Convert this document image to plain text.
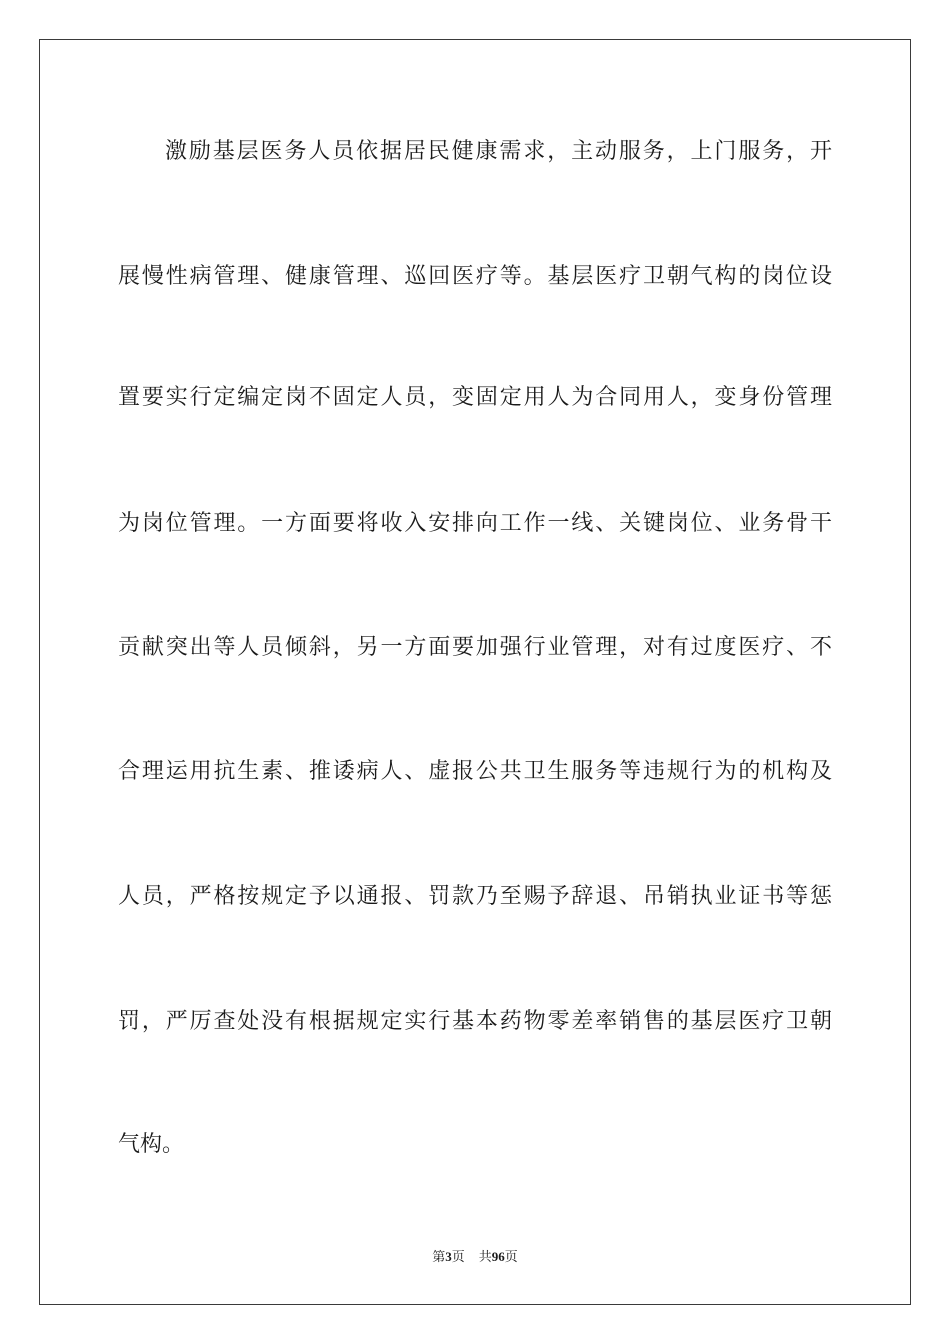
激励基层医务人员依据居民健康需求，主动服务，上门服务，开
展慢性病管理、健康管理、巡回医疗等。基层医疗卫朝气构的岗位设
置要实行定编定岗不固定人员，变固定用人为合同用人，变身份管理
为岗位管理。一方面要将收入安排向工作一线、关键岗位、业务骨干
贡献突出等人员倾斜，另一方面要加强行业管理，对有过度医疗、不
合理运用抗生素、推诿病人、虚报公共卫生服务等违规行为的机构及
人员，严格按规定予以通报、罚款乃至赐予辞退、吊销执业证书等惩
罚，严厉查处没有根据规定实行基本药物零差率销售的基层医疗卫朝
气构。
第3页 共96页
